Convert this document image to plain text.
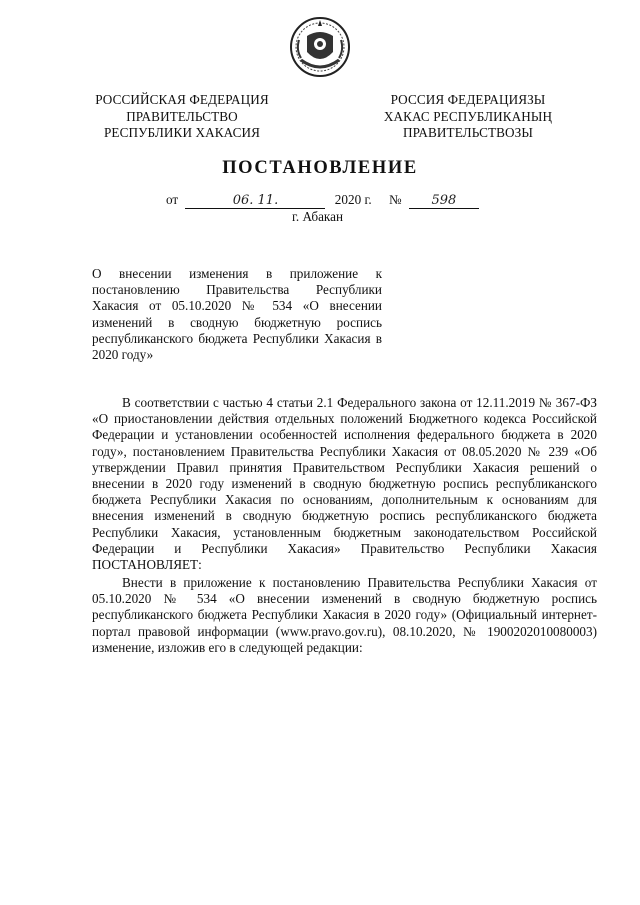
РОССИЙСКАЯ ФЕДЕРАЦИЯ
ПРАВИТЕЛЬСТВО
РЕСПУБЛИКИ ХАКАСИЯ
РОССИЯ ФЕДЕРАЦИЯЗЫ
ХАКАС РЕСПУБЛИКАНЫҢ
ПРАВИТЕЛЬСТВОЗЫ
ПОСТАНОВЛЕНИЕ
от	06. 11.	2020 г. № 598
г. Абакан
О внесении изменения в приложение к постановлению Правительства Республики Хакасия от 05.10.2020 № 534 «О внесении изменений в сводную бюджетную роспись республиканского бюджета Республики Хакасия в 2020 году»

В соответствии с частью 4 статьи 2.1 Федерального закона от 12.11.2019 № 367-ФЗ «О приостановлении действия отдельных положений Бюджетного кодекса Российской Федерации и установлении особенностей исполнения федерального бюджета в 2020 году», постановлением Правительства Республики Хакасия от 08.05.2020 № 239 «Об утверждении Правил принятия Правительством Республики Хакасия решений о внесении в 2020 году изменений в сводную бюджетную роспись республиканского бюджета Республики Хакасия по основаниям, дополнительным к основаниям для внесения изменений в сводную бюджетную роспись республиканского бюджета Республики Хакасия, установленным бюджетным законодательством Российской Федерации и Республики Хакасия» Правительство Республики Хакасия ПОСТАНОВЛЯЕТ:

Внести в приложение к постановлению Правительства Республики Хакасия от 05.10.2020 № 534 «О внесении изменений в сводную бюджетную роспись республиканского бюджета Республики Хакасия в 2020 году» (Официальный интернет-портал правовой информации (www.pravo.gov.ru), 08.10.2020, № 1900202010080003) изменение, изложив его в следующей редакции:
